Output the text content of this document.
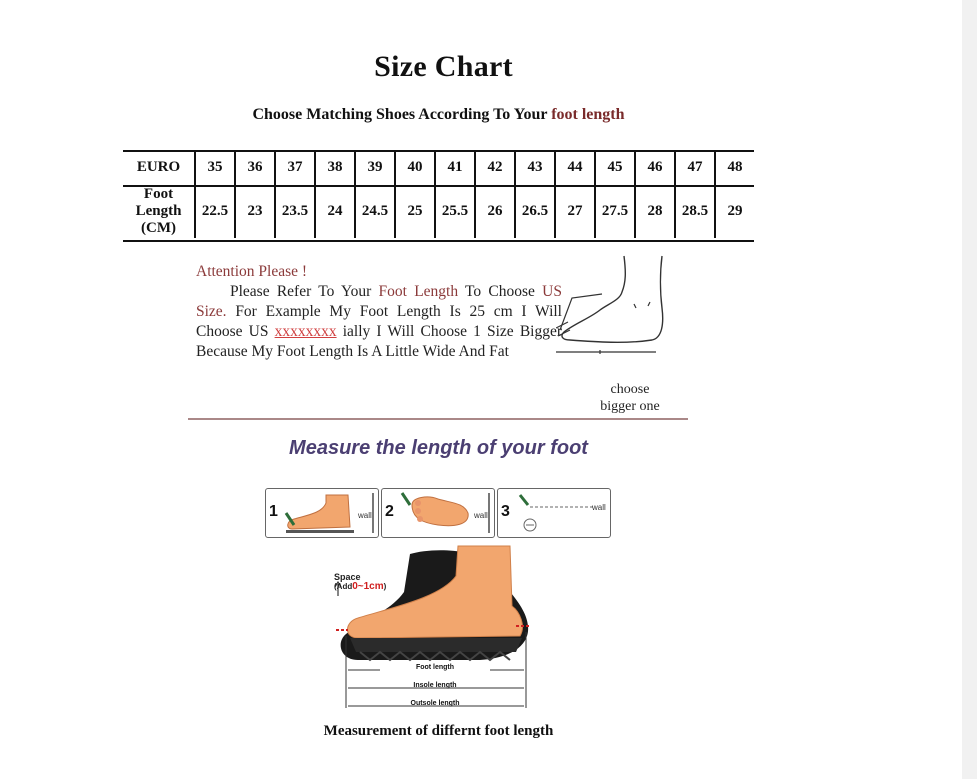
Size Chart
Choose Matching Shoes According To Your foot length
EURO	35	36	37	38	39	40	41	42	43	44	45	46	47	48

Foot
Length
(CM)	22.5	23	23.5	24	24.5	25	25.5	26	26.5	27	27.5	28	28.5	29
Attention Please !
Please Refer To Your Foot Length To Choose US Size. For Example My Foot Length Is 25 cm I Will Choose US xxxxxxxx ially I Will Choose 1 Size Bigger Because My Foot Length Is A Little Wide And Fat
choose
bigger one
Measure the length of your foot
1	wall 2	wall 3	wall
Space
(Add0~1cm)
Foot length
Insole length
Outsole length
Measurement of differnt foot length
